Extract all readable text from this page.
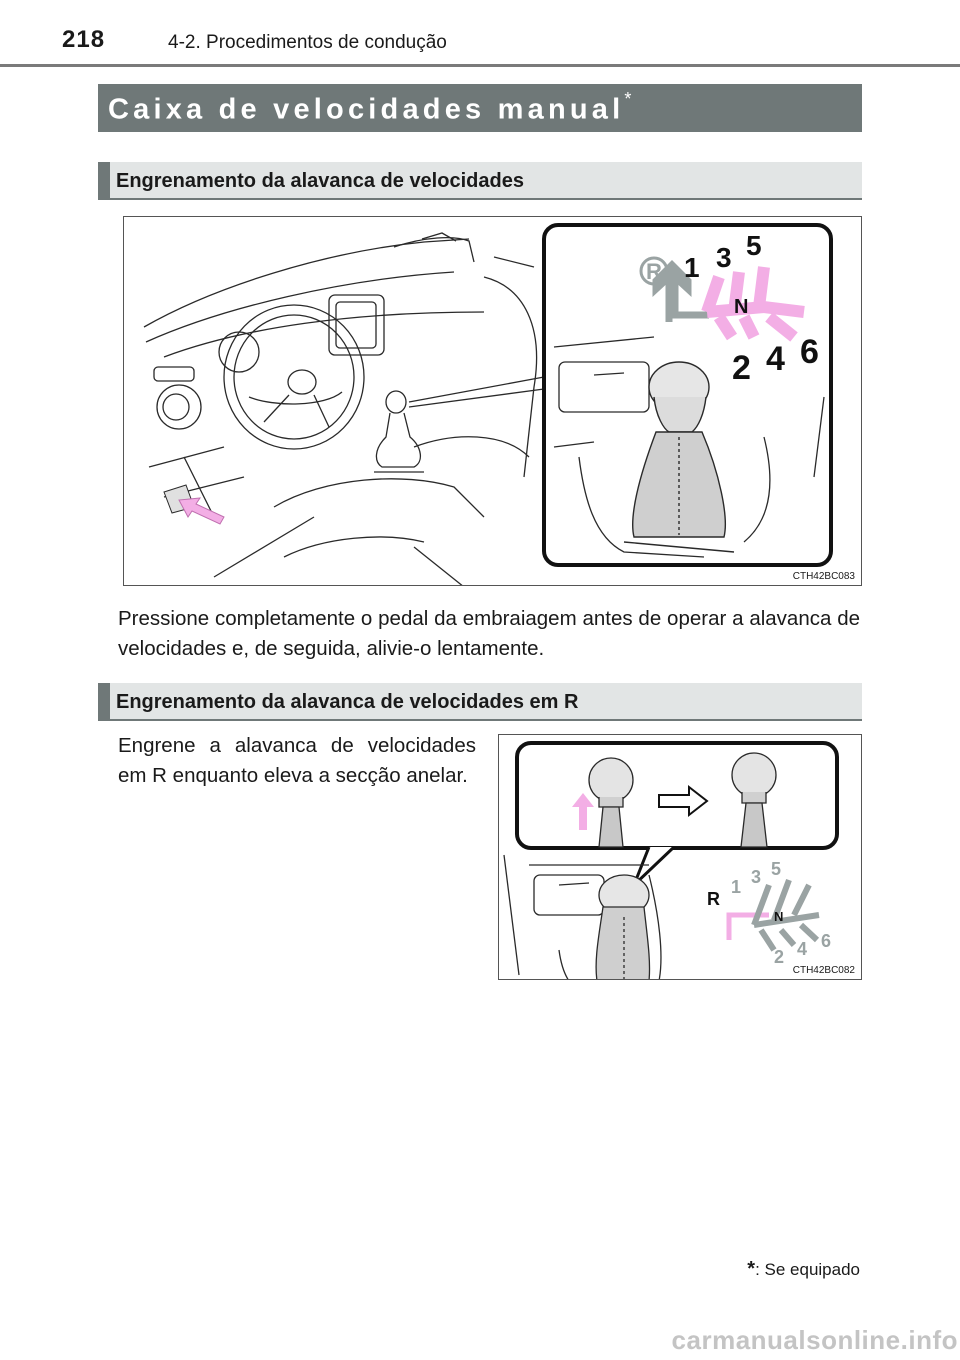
218	4-2. Procedimentos de condução
Caixa de velocidades manual*
Engrenamento da alavanca de velocidades
R 1 3 5
N
2 4 6
CTH42BC083
Pressione completamente o pedal da embraiagem antes de operar a alavanca de velocidades e, de seguida, alivie-o lentamente.
Engrenamento da alavanca de velocidades em R
Engrene a alavanca de velocidades em R enquanto eleva a secção anelar.
R
1 3 5
N
2 4 6
CTH42BC082
*: Se equipado
carmanualsonline.info
